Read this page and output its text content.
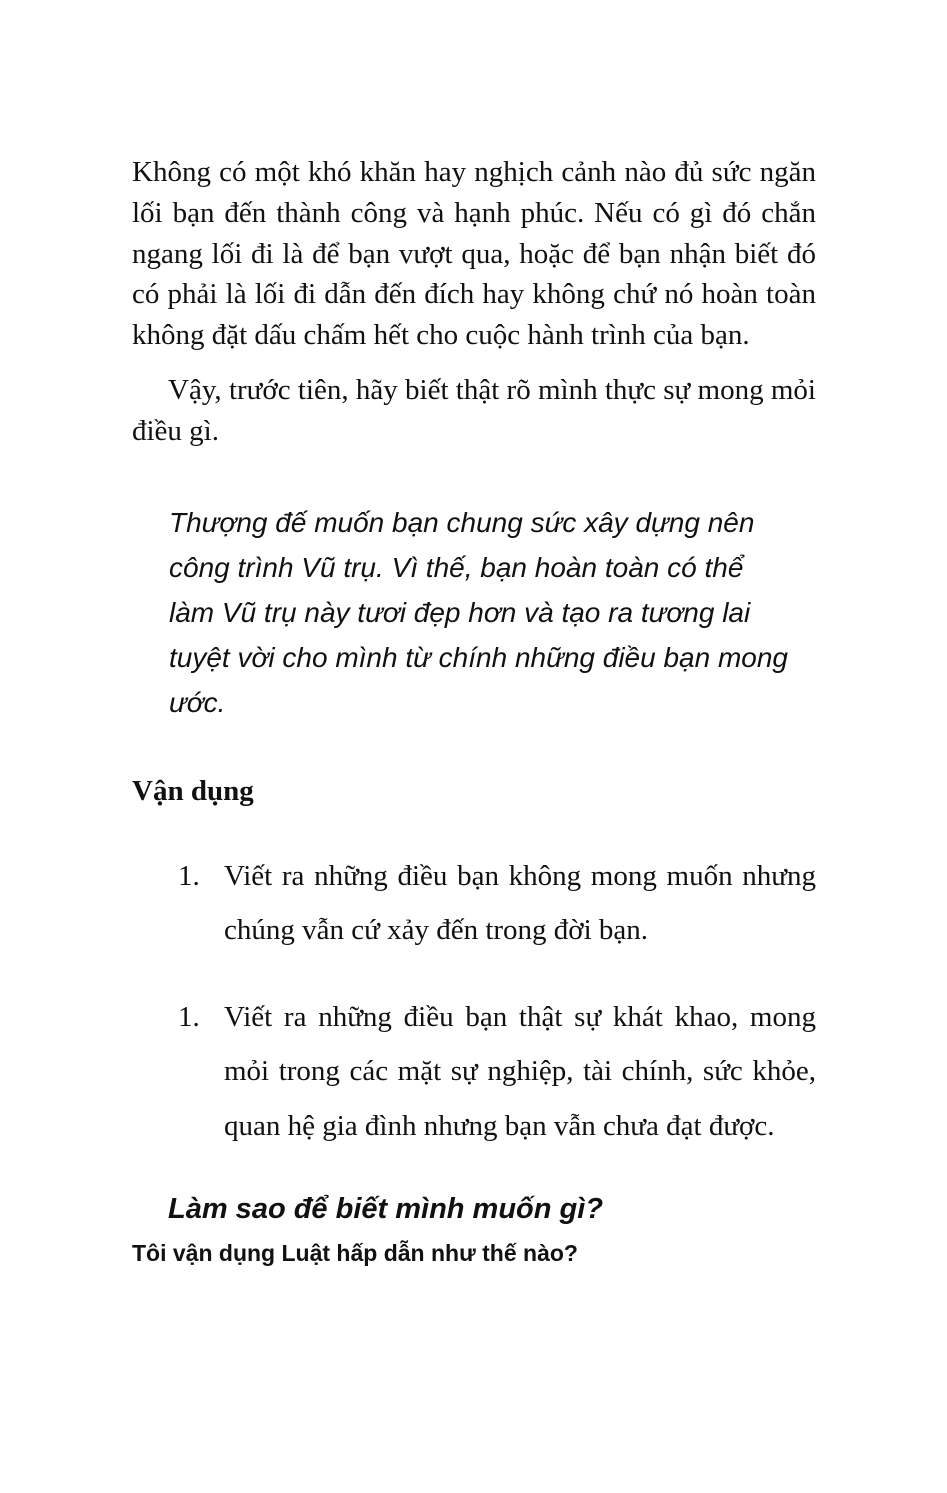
Không có một khó khăn hay nghịch cảnh nào đủ sức ngăn lối bạn đến thành công và hạnh phúc. Nếu có gì đó chắn ngang lối đi là để bạn vượt qua, hoặc để bạn nhận biết đó có phải là lối đi dẫn đến đích hay không chứ nó hoàn toàn không đặt dấu chấm hết cho cuộc hành trình của bạn.

Vậy, trước tiên, hãy biết thật rõ mình thực sự mong mỏi điều gì.

Thượng đế muốn bạn chung sức xây dựng nên công trình Vũ trụ. Vì thế, bạn hoàn toàn có thể làm Vũ trụ này tươi đẹp hơn và tạo ra tương lai tuyệt vời cho mình từ chính những điều bạn mong ước.
Vận dụng
1. Viết ra những điều bạn không mong muốn nhưng chúng vẫn cứ xảy đến trong đời bạn.
1. Viết ra những điều bạn thật sự khát khao, mong mỏi trong các mặt sự nghiệp, tài chính, sức khỏe, quan hệ gia đình nhưng bạn vẫn chưa đạt được.
Làm sao để biết mình muốn gì?
Tôi vận dụng Luật hấp dẫn như thế nào?
